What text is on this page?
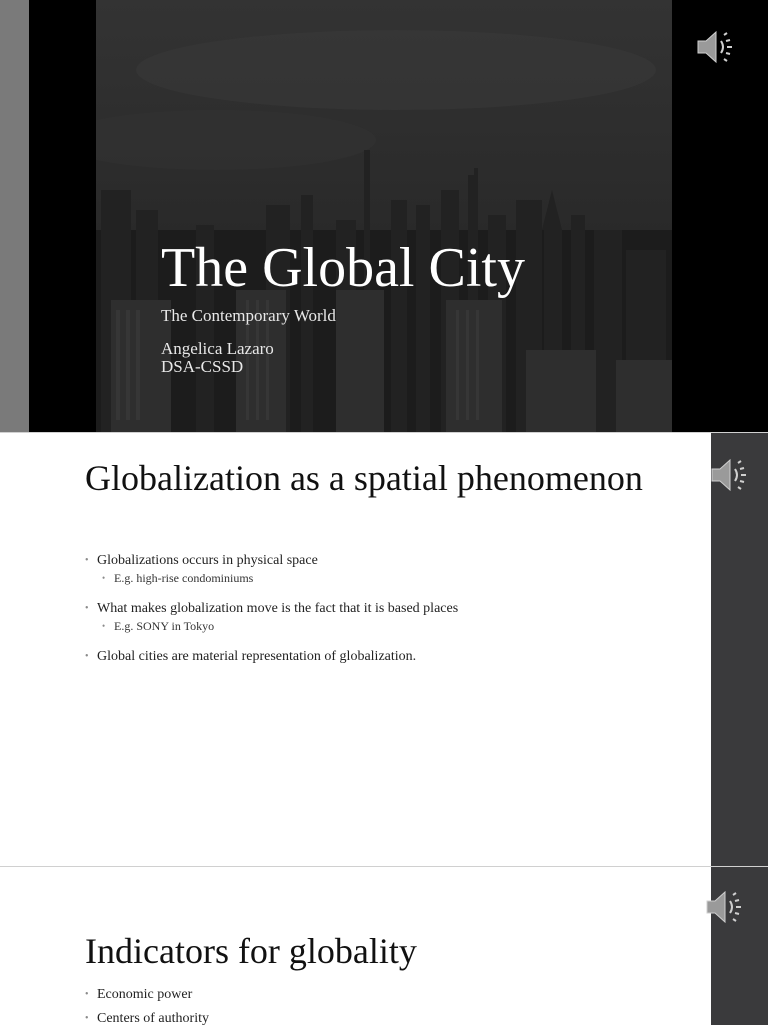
The Global City
The Contemporary World
Angelica Lazaro
DSA-CSSD
Globalization as a spatial phenomenon
• Globalizations occurs in physical space
• E.g. high-rise condominiums
• What makes globalization move is the fact that it is based places
• E.g. SONY in Tokyo
• Global cities are material representation of globalization.
Indicators for globality
• Economic power
• Centers of authority
